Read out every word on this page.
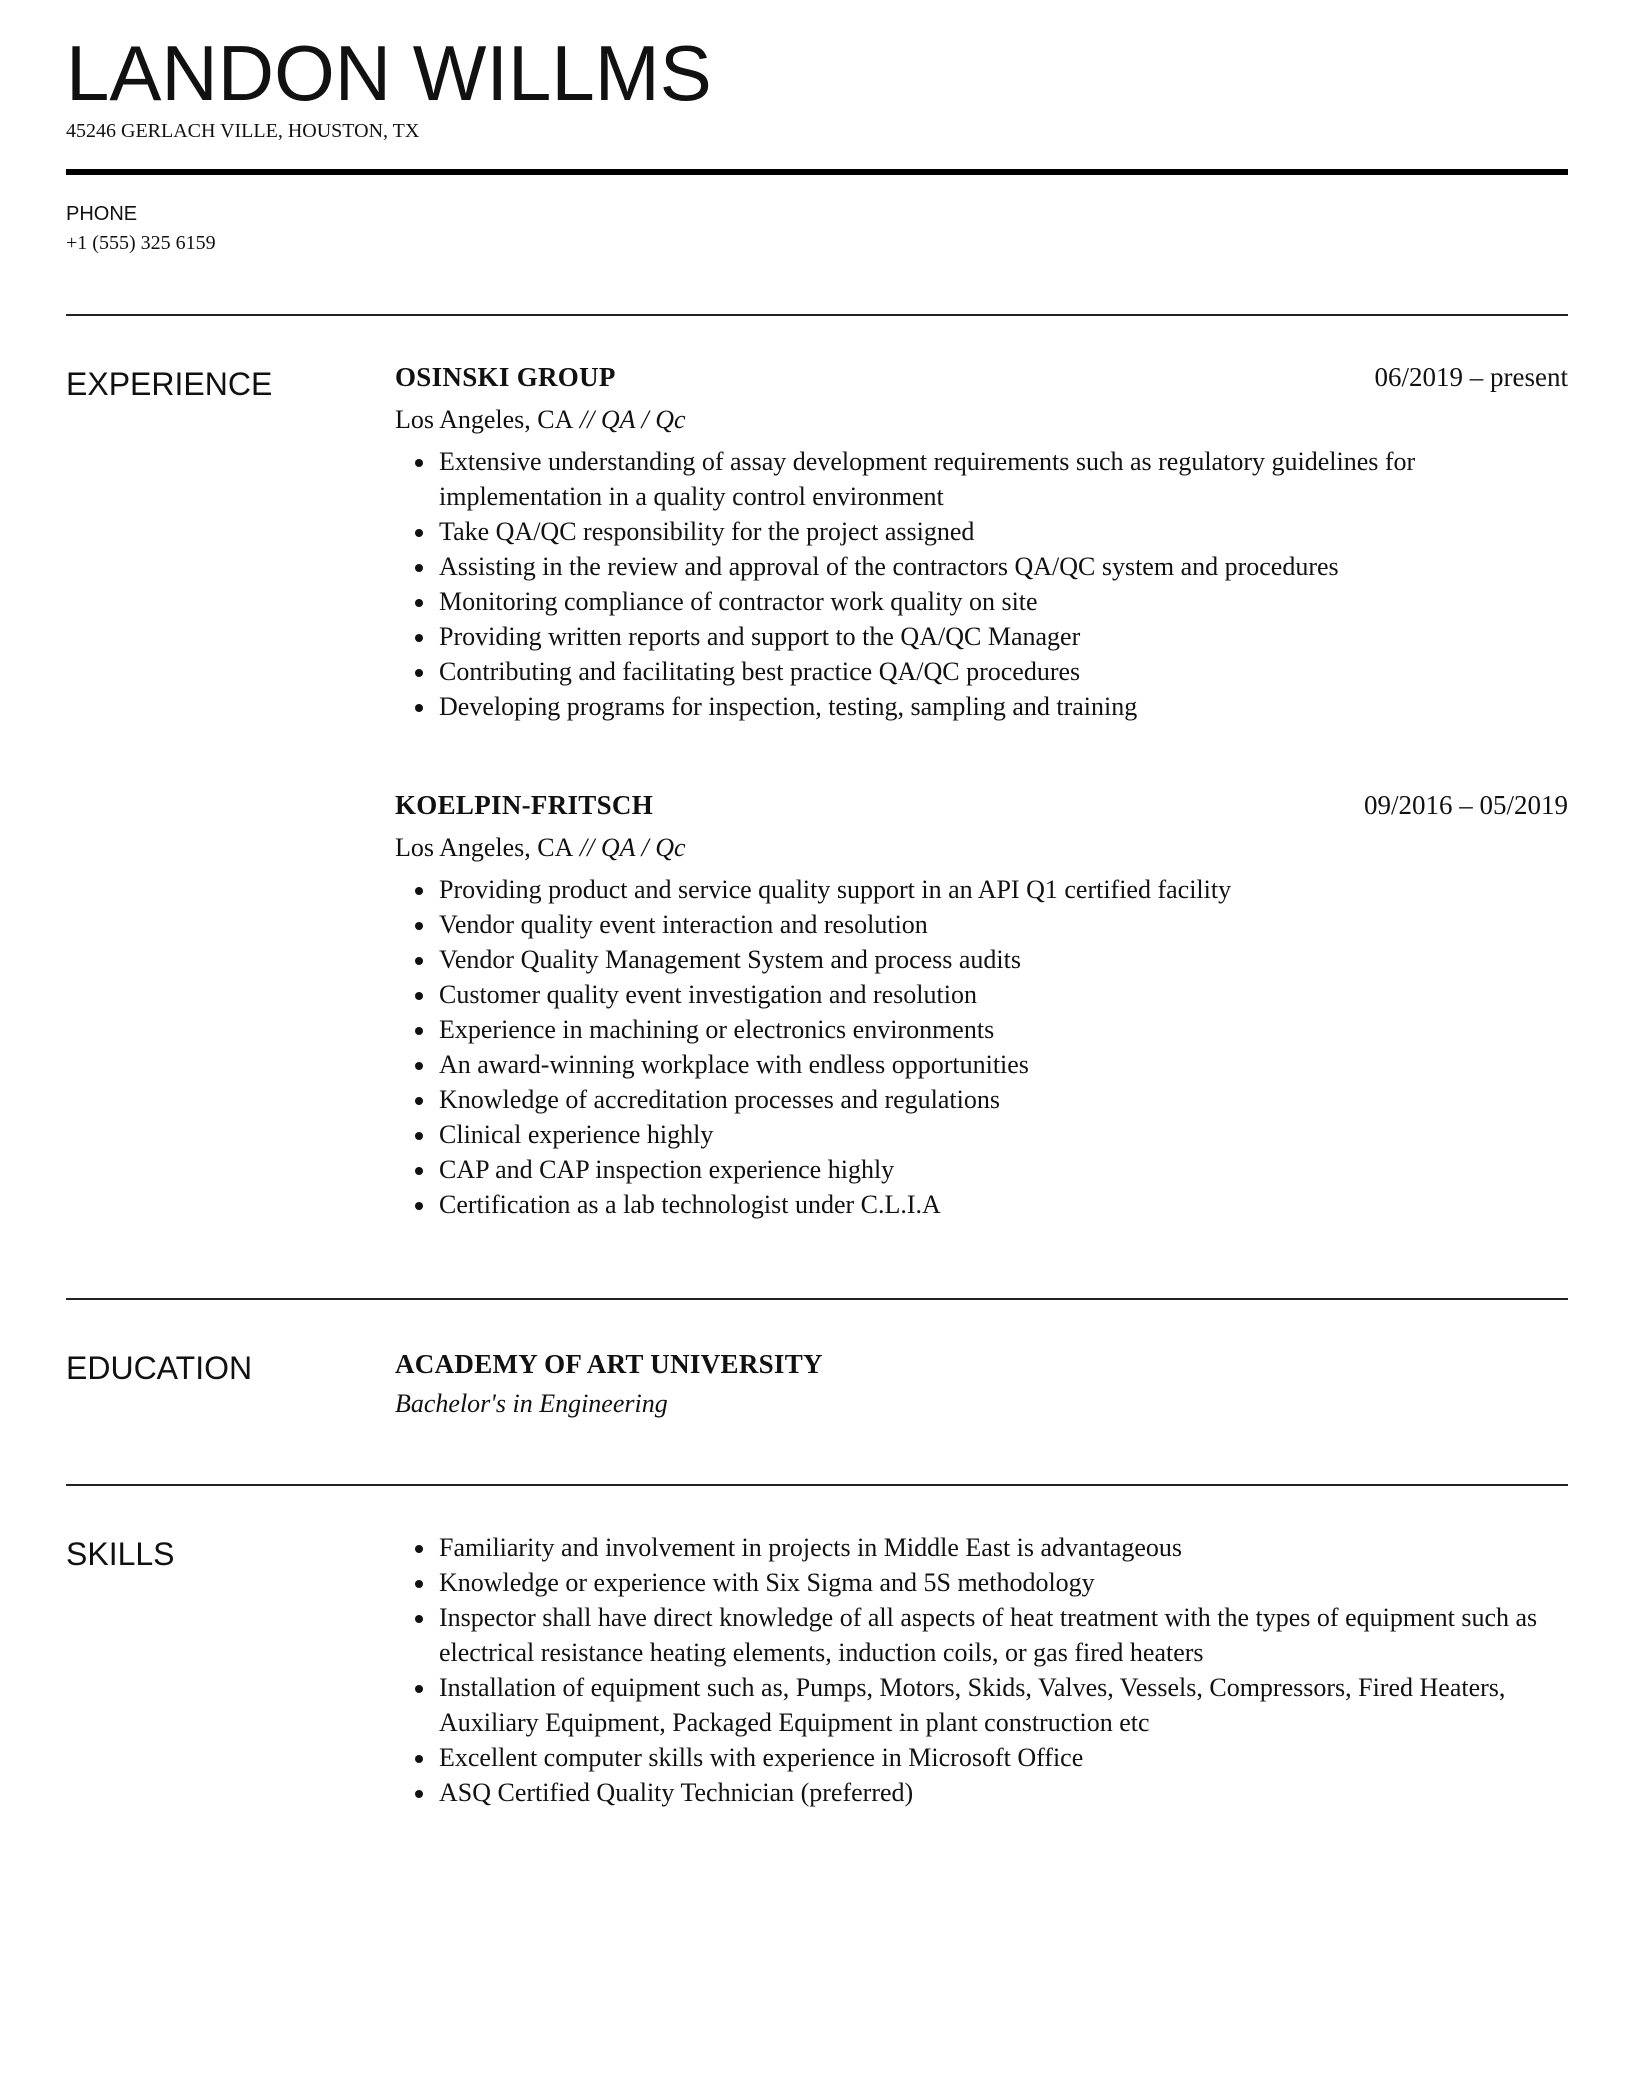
LANDON WILLMS
45246 GERLACH VILLE, HOUSTON, TX
PHONE
+1 (555) 325 6159
EXPERIENCE	OSINSKI GROUP	06/2019 – present
Los Angeles, CA // QA / Qc
• Extensive understanding of assay development requirements such as regulatory guidelines for implementation in a quality control environment
• Take QA/QC responsibility for the project assigned
• Assisting in the review and approval of the contractors QA/QC system and procedures
• Monitoring compliance of contractor work quality on site
• Providing written reports and support to the QA/QC Manager
• Contributing and facilitating best practice QA/QC procedures
• Developing programs for inspection, testing, sampling and training
KOELPIN-FRITSCH	09/2016 – 05/2019
Los Angeles, CA // QA / Qc
• Providing product and service quality support in an API Q1 certified facility
• Vendor quality event interaction and resolution
• Vendor Quality Management System and process audits
• Customer quality event investigation and resolution
• Experience in machining or electronics environments
• An award-winning workplace with endless opportunities
• Knowledge of accreditation processes and regulations
• Clinical experience highly
• CAP and CAP inspection experience highly
• Certification as a lab technologist under C.L.I.A
EDUCATION	ACADEMY OF ART UNIVERSITY
Bachelor's in Engineering
SKILLS
•	Familiarity and involvement in projects in Middle East is advantageous
• Knowledge or experience with Six Sigma and 5S methodology
• Inspector shall have direct knowledge of all aspects of heat treatment with the types of equipment such as electrical resistance heating elements, induction coils, or gas fired heaters
• Installation of equipment such as, Pumps, Motors, Skids, Valves, Vessels, Compressors, Fired Heaters, Auxiliary Equipment, Packaged Equipment in plant construction etc
• Excellent computer skills with experience in Microsoft Office
• ASQ Certified Quality Technician (preferred)
